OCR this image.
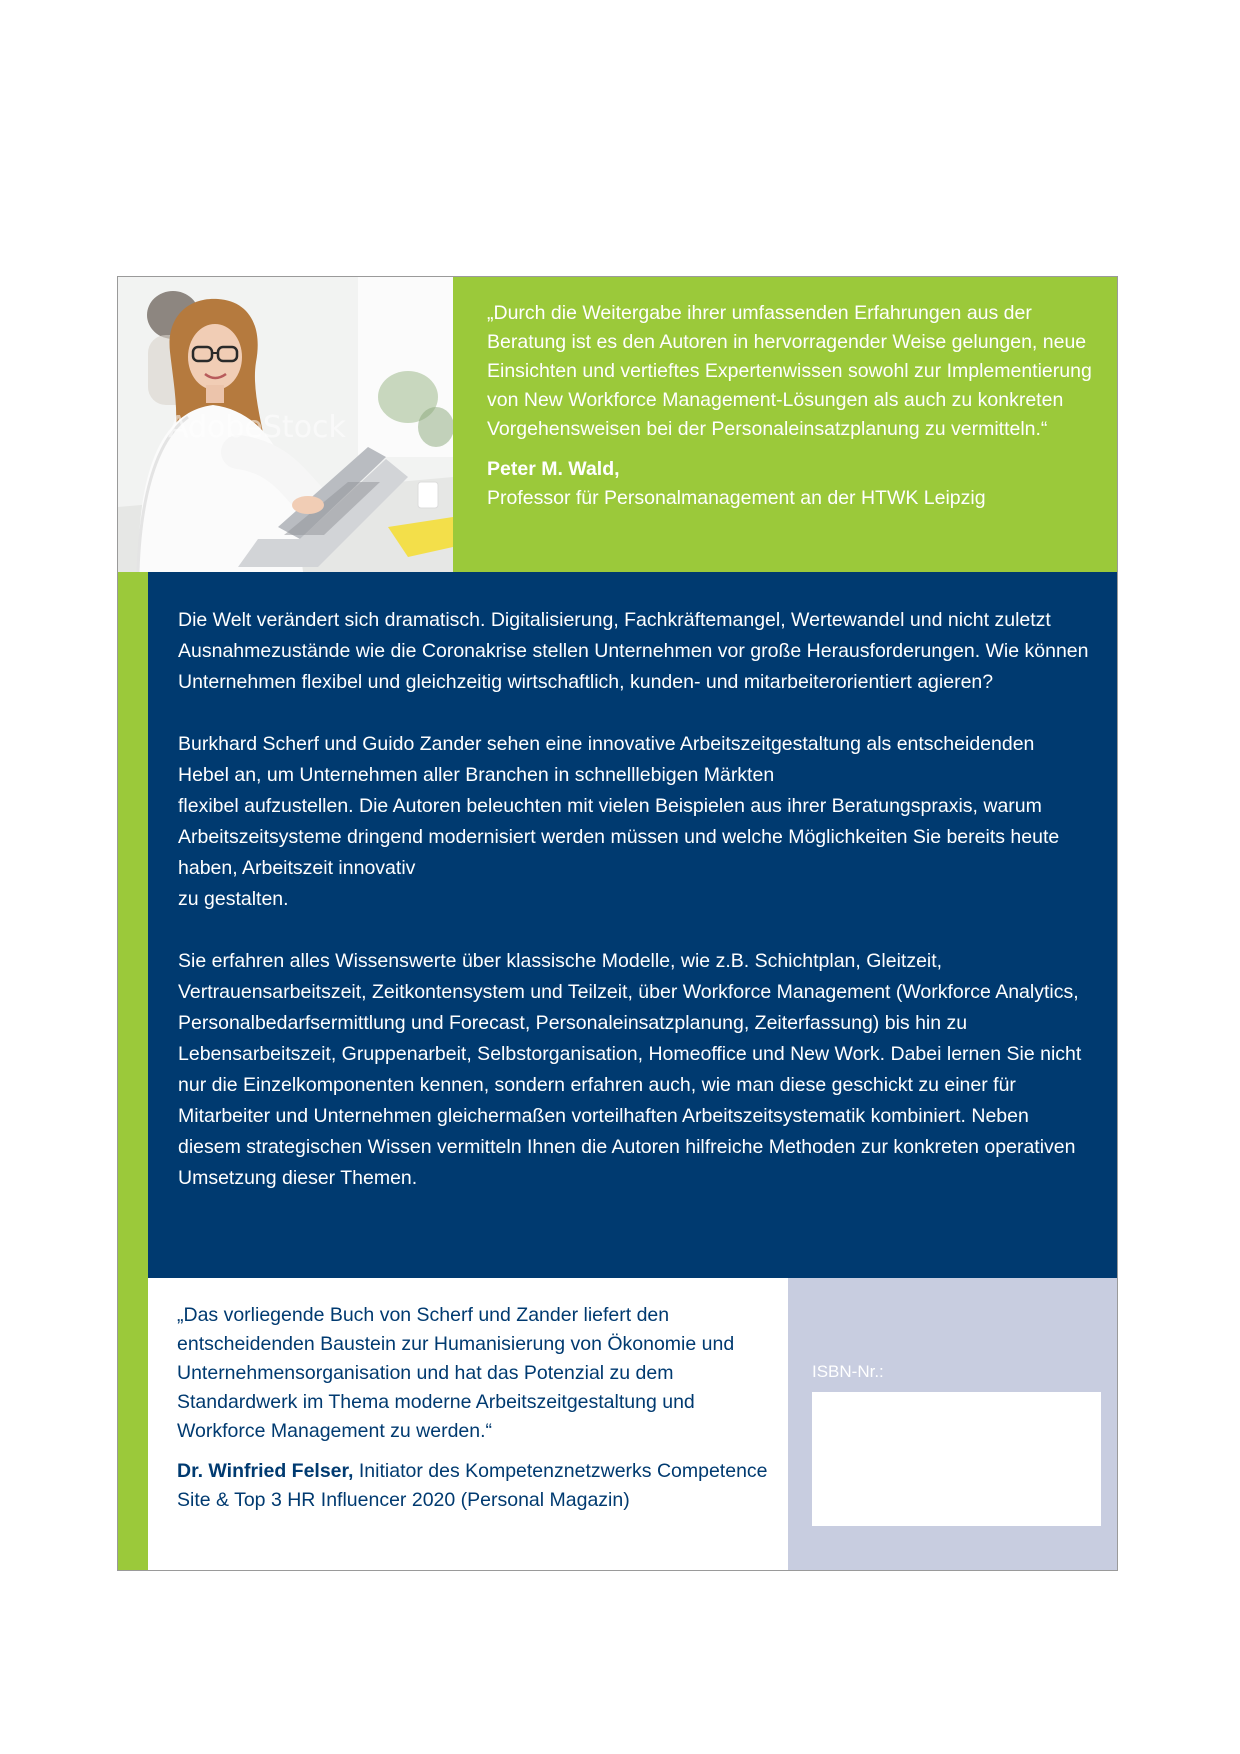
AdobeStock

„Durch die Weitergabe ihrer umfassenden Erfahrungen aus der Beratung ist es den Autoren in hervorragender Weise gelungen, neue Einsichten und vertieftes Expertenwissen sowohl zur Implementierung von New Workforce Management-Lösungen als auch zu konkreten Vorgehensweisen bei der Personaleinsatzplanung zu vermitteln.“

Peter M. Wald,

Professor für Personalmanagement an der HTWK Leipzig

Die Welt verändert sich dramatisch. Digitalisierung, Fachkräftemangel, Wertewandel und nicht zuletzt Ausnahmezustände wie die Coronakrise stellen Unternehmen vor große Herausforderungen. Wie können Unternehmen flexibel und gleichzeitig wirtschaftlich, kunden- und mitarbeiterorientiert agieren?

Burkhard Scherf und Guido Zander sehen eine innovative Arbeitszeitgestaltung als entscheidenden Hebel an, um Unternehmen aller Branchen in schnelllebigen Märkten
flexibel aufzustellen. Die Autoren beleuchten mit vielen Beispielen aus ihrer Beratungspraxis, warum Arbeitszeitsysteme dringend modernisiert werden müssen und welche Möglichkeiten Sie bereits heute haben, Arbeitszeit innovativ
zu gestalten.

Sie erfahren alles Wissenswerte über klassische Modelle, wie z.B. Schichtplan, Gleitzeit, Vertrauensarbeitszeit, Zeitkontensystem und Teilzeit, über Workforce Management (Workforce Analytics, Personalbedarfsermittlung und Forecast, Personaleinsatzplanung, Zeiterfassung) bis hin zu Lebensarbeitszeit, Gruppenarbeit, Selbstorganisation, Homeoffice und New Work. Dabei lernen Sie nicht nur die Einzelkomponenten kennen, sondern erfahren auch, wie man diese geschickt zu einer für Mitarbeiter und Unternehmen gleichermaßen vorteilhaften Arbeitszeitsystematik kombiniert. Neben diesem strategischen Wissen vermitteln Ihnen die Autoren hilfreiche Methoden zur konkreten operativen Umsetzung dieser Themen.

„Das vorliegende Buch von Scherf und Zander liefert den entscheidenden Baustein zur Humanisierung von Ökonomie und Unternehmensorganisation und hat das Potenzial zu dem Standardwerk im Thema moderne Arbeitszeitgestaltung und Workforce Management zu werden.“

Dr. Winfried Felser, Initiator des Kompetenznetzwerks Competence Site & Top 3 HR Influencer 2020 (Personal Magazin)

ISBN-Nr.:
